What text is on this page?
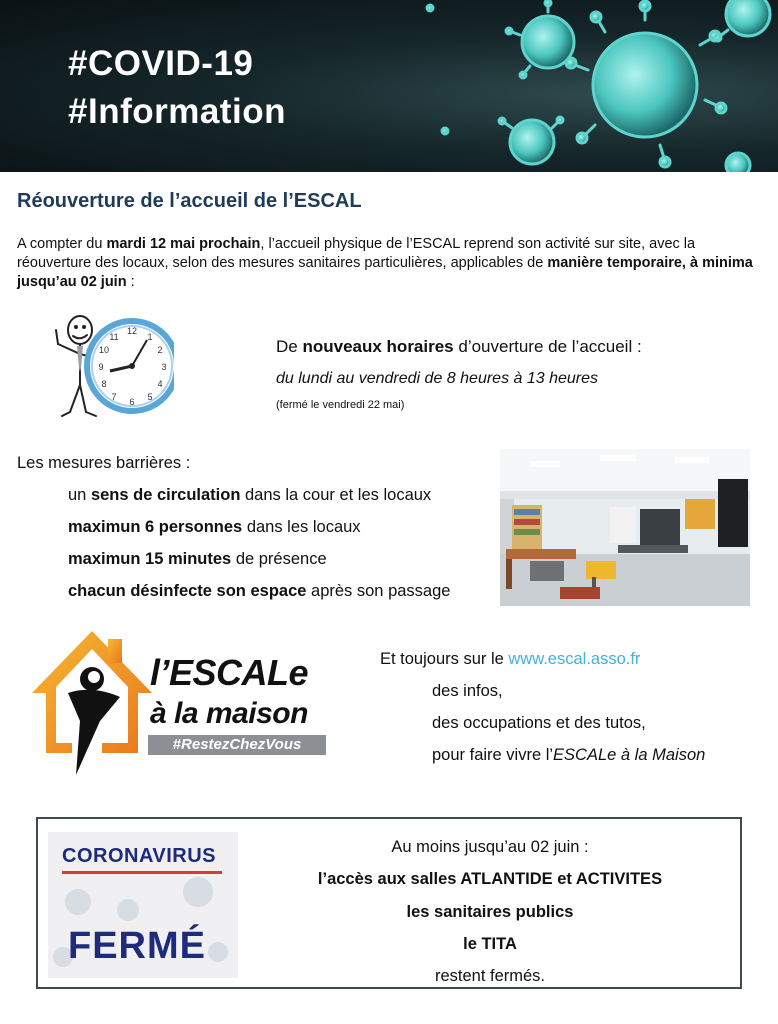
#COVID-19
#Information
Réouverture de l’accueil de l’ESCAL
A compter du mardi 12 mai prochain, l’accueil physique de l’ESCAL reprend son activité sur site, avec la réouverture des locaux, selon des mesures sanitaires particulières, applicables de manière temporaire, à minima jusqu’au 02 juin :
12
3
6
9
1
2
4
5
7
8
10
11	De nouveaux horaires d’ouverture de l’accueil :
du lundi au vendredi de 8 heures à 13 heures
(fermé le vendredi 22 mai)
Les mesures barrières :
un sens de circulation dans la cour et les locaux
maximun 6 personnes dans les locaux
maximun 15 minutes de présence
chacun désinfecte son espace après son passage
l’ESCALe
à la maison
#RestezChezVous
Et toujours sur le www.escal.asso.fr
des infos,
des occupations et des tutos,
pour faire vivre l’ESCALe à la Maison
CORONAVIRUS
FERMÉ
Au moins jusqu’au 02 juin :
l’accès aux salles ATLANTIDE et ACTIVITES
les sanitaires publics
le TITA
restent fermés.
